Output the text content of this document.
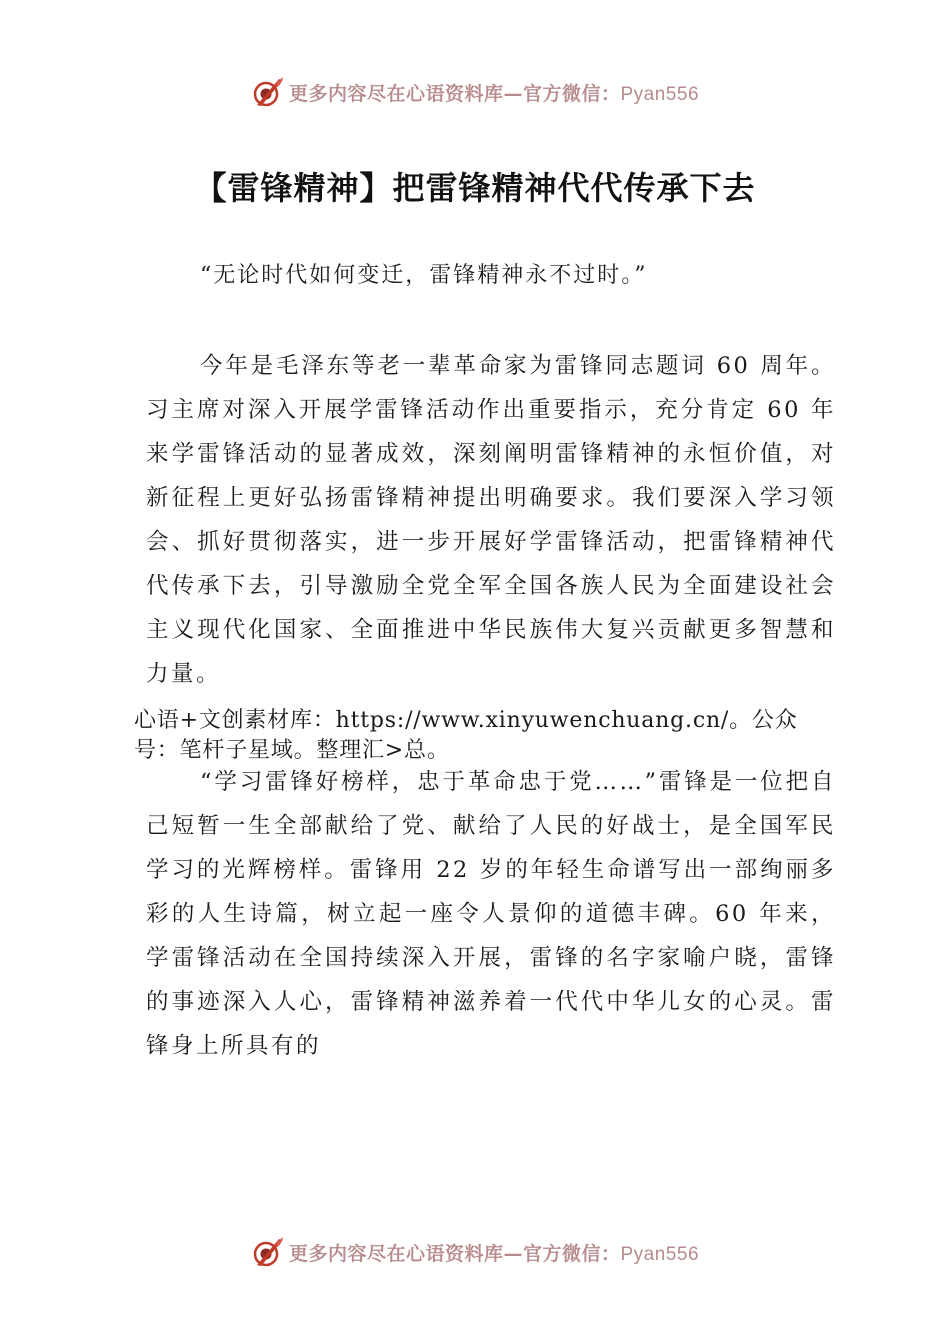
更多内容尽在心语资料库—官方微信：Pyan556
【雷锋精神】把雷锋精神代代传承下去

“无论时代如何变迁，雷锋精神永不过时。”

今年是毛泽东等老一辈革命家为雷锋同志题词 60 周年。习主席对深入开展学雷锋活动作出重要指示，充分肯定 60 年来学雷锋活动的显著成效，深刻阐明雷锋精神的永恒价值，对新征程上更好弘扬雷锋精神提出明确要求。我们要深入学习领会、抓好贯彻落实，进一步开展好学雷锋活动，把雷锋精神代代传承下去，引导激励全党全军全国各族人民为全面建设社会主义现代化国家、全面推进中华民族伟大复兴贡献更多智慧和力量。

心语+文创素材库：https://www.xinyuwenchuang.cn/。公众号：笔杆子星域。整理汇>总。

“学习雷锋好榜样，忠于革命忠于党……”雷锋是一位把自己短暂一生全部献给了党、献给了人民的好战士，是全国军民学习的光辉榜样。雷锋用 22 岁的年轻生命谱写出一部绚丽多彩的人生诗篇，树立起一座令人景仰的道德丰碑。60 年来，学雷锋活动在全国持续深入开展，雷锋的名字家喻户晓，雷锋的事迹深入人心，雷锋精神滋养着一代代中华儿女的心灵。雷锋身上所具有的

更多内容尽在心语资料库—官方微信：Pyan556
